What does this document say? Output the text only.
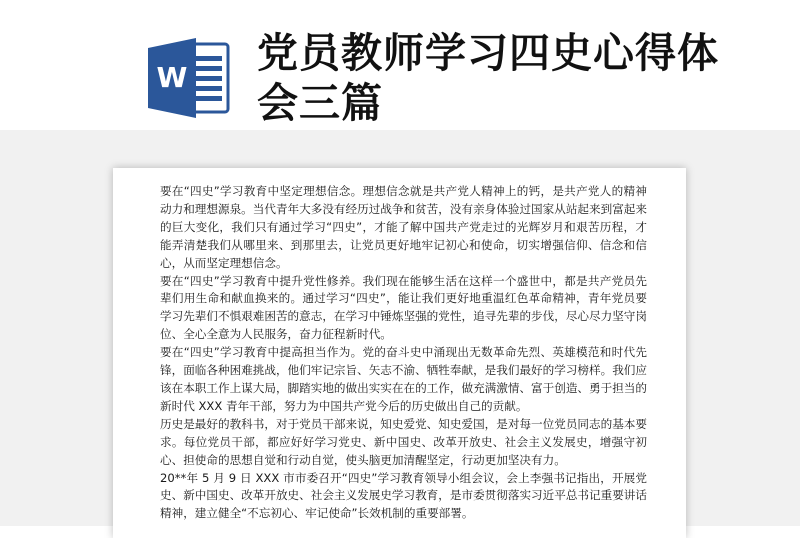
W
党员教师学习四史心得体会三篇

要在“四史”学习教育中坚定理想信念。理想信念就是共产党人精神上的钙，是共产党人的精神动力和理想源泉。当代青年大多没有经历过战争和贫苦，没有亲身体验过国家从站起来到富起来的巨大变化，我们只有通过学习“四史”，才能了解中国共产党走过的光辉岁月和艰苦历程，才能弄清楚我们从哪里来、到那里去，让党员更好地牢记初心和使命，切实增强信仰、信念和信心，从而坚定理想信念。

要在“四史”学习教育中提升党性修养。我们现在能够生活在这样一个盛世中，都是共产党员先辈们用生命和献血换来的。通过学习“四史”，能让我们更好地重温红色革命精神，青年党员要学习先辈们不惧艰难困苦的意志，在学习中锤炼坚强的党性，追寻先辈的步伐，尽心尽力坚守岗位、全心全意为人民服务，奋力征程新时代。

要在“四史”学习教育中提高担当作为。党的奋斗史中涌现出无数革命先烈、英雄模范和时代先锋，面临各种困难挑战，他们牢记宗旨、矢志不渝、牺牲奉献，是我们最好的学习榜样。我们应该在本职工作上谋大局，脚踏实地的做出实实在在的工作，做充满激情、富于创造、勇于担当的新时代 XXX 青年干部，努力为中国共产党今后的历史做出自己的贡献。

历史是最好的教科书，对于党员干部来说，知史爱党、知史爱国，是对每一位党员同志的基本要求。每位党员干部，都应好好学习党史、新中国史、改革开放史、社会主义发展史，增强守初心、担使命的思想自觉和行动自觉，使头脑更加清醒坚定，行动更加坚决有力。

20**年 5 月 9 日 XXX 市市委召开“四史”学习教育领导小组会议，会上李强书记指出，开展党史、新中国史、改革开放史、社会主义发展史学习教育，是市委贯彻落实习近平总书记重要讲话精神，建立健全“不忘初心、牢记使命”长效机制的重要部署。
